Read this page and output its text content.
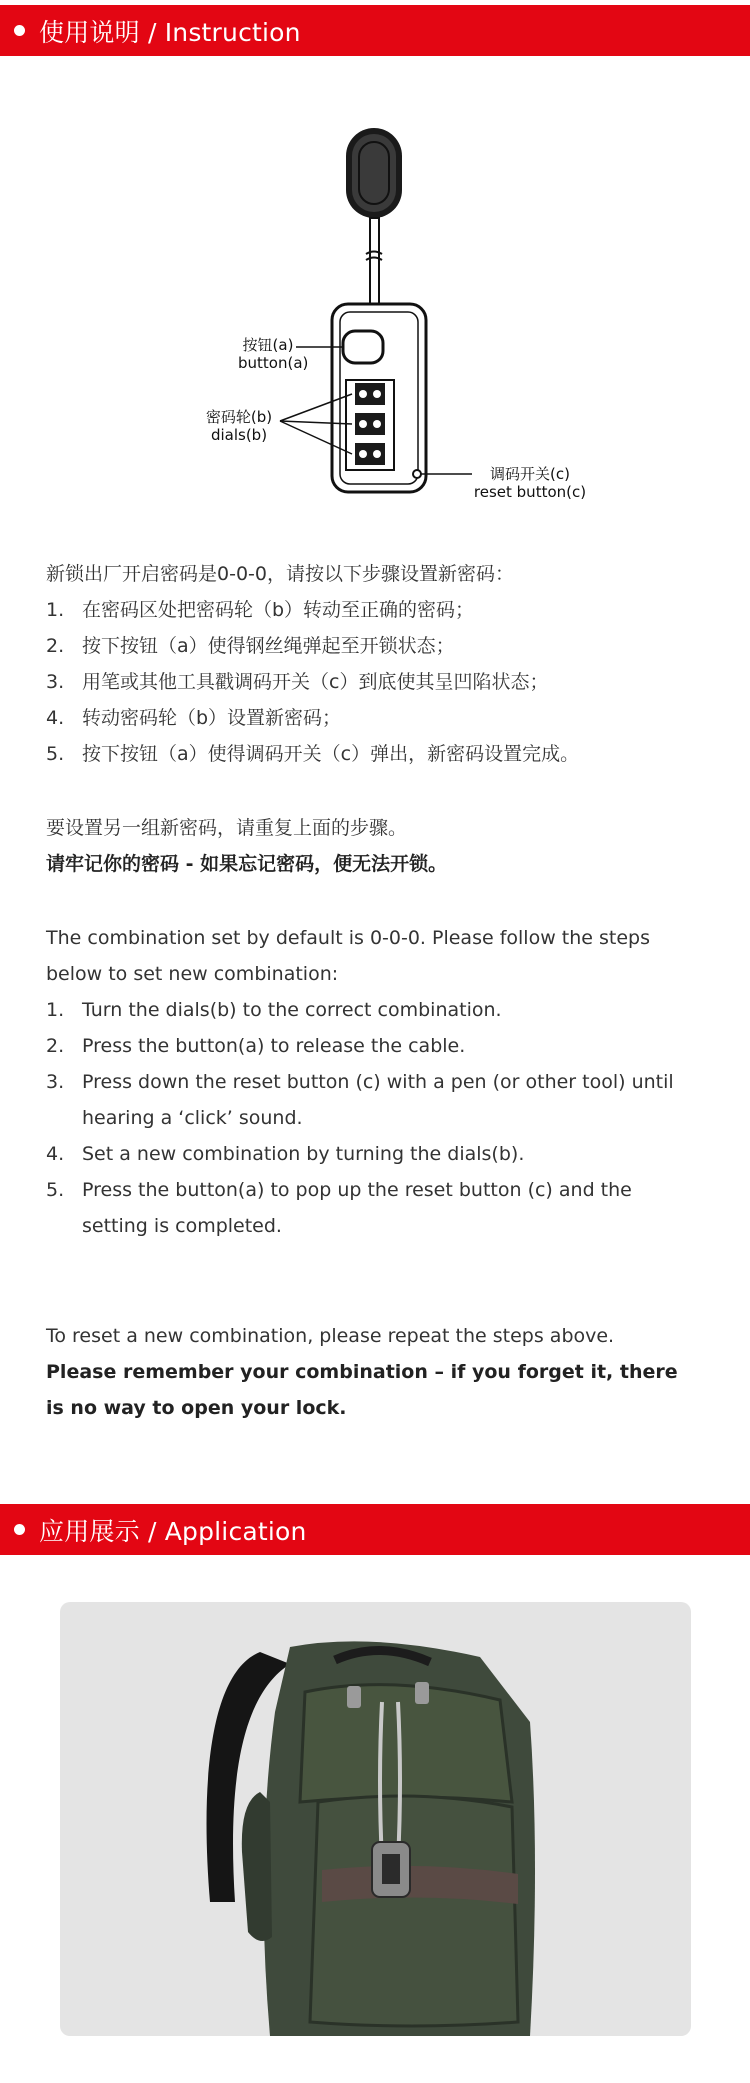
使用说明 / Instruction
按钮(a)
button(a)
密码轮(b)
dials(b)
调码开关(c)
reset button(c)

新锁出厂开启密码是0-0-0，请按以下步骤设置新密码：

1. 在密码区处把密码轮（b）转动至正确的密码；
2. 按下按钮（a）使得钢丝绳弹起至开锁状态；
3. 用笔或其他工具戳调码开关（c）到底使其呈凹陷状态；
4. 转动密码轮（b）设置新密码；
5. 按下按钮（a）使得调码开关（c）弹出，新密码设置完成。

要设置另一组新密码，请重复上面的步骤。

请牢记你的密码 - 如果忘记密码，便无法开锁。

The combination set by default is 0-0-0. Please follow the steps below to set new combination:

1. Turn the dials(b) to the correct combination.
2. Press the button(a) to release the cable.
3. Press down the reset button (c) with a pen (or other tool) until hearing a ‘click’ sound.
4. Set a new combination by turning the dials(b).
5. Press the button(a) to pop up the reset button (c) and the setting is completed.

To reset a new combination, please repeat the steps above.

Please remember your combination – if you forget it, there is no way to open your lock.

应用展示 / Application
